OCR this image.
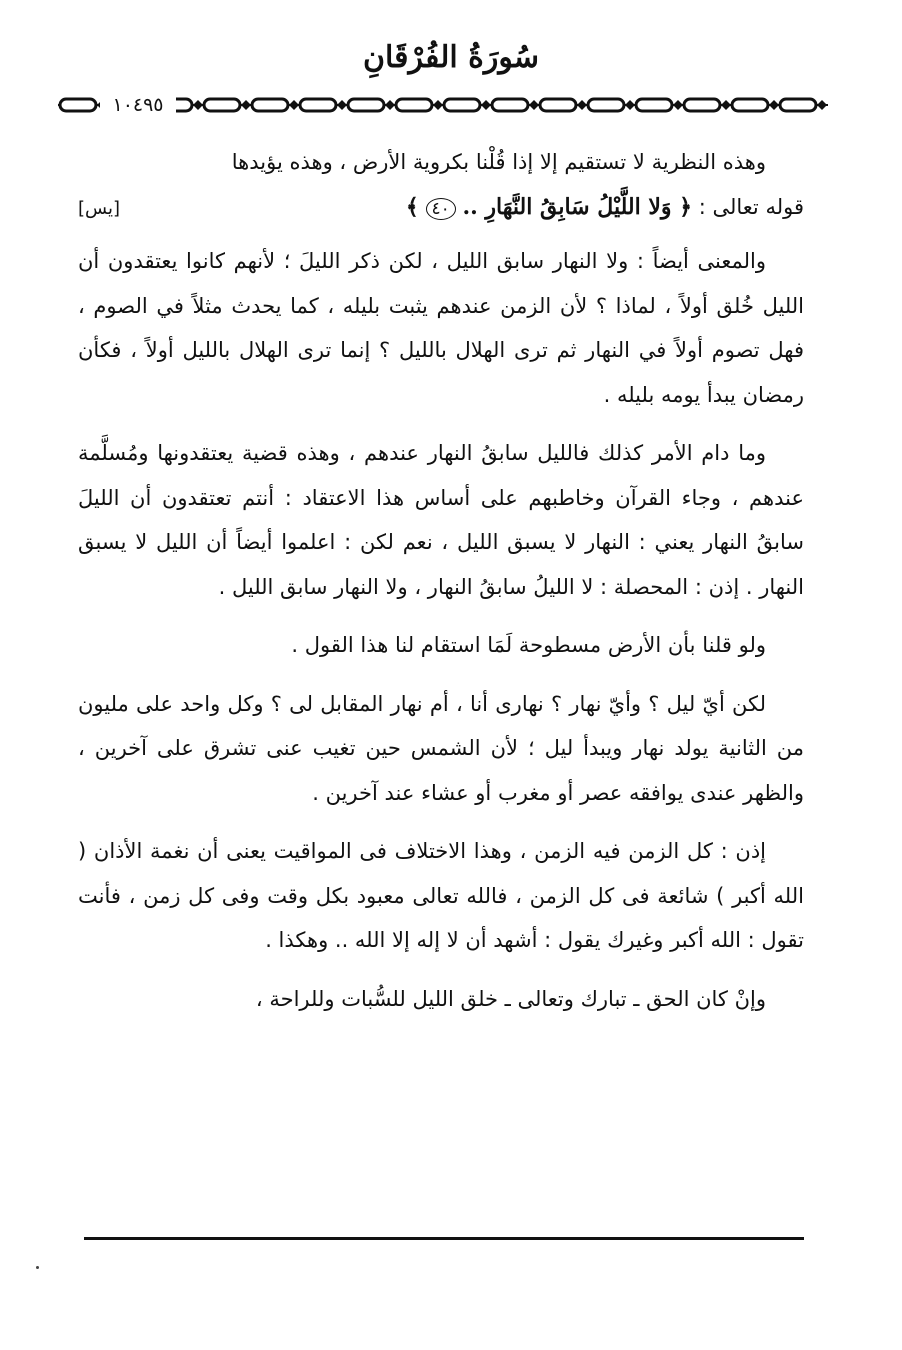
سُورَةُ الفُرْقَانِ
١٠٤٩٥
وهذه النظرية لا تستقيم إلا إذا قُلْنا بكروية الأرض ، وهذه يؤيدها
قوله تعالى : ﴿ وَلا اللَّيْلُ سَابِقُ النَّهَارِ .. ٤٠ ﴾
[يس]

والمعنى أيضاً : ولا النهار سابق الليل ، لكن ذكر الليلَ ؛ لأنهم كانوا يعتقدون أن الليل خُلق أولاً ، لماذا ؟ لأن الزمن عندهم يثبت بليله ، كما يحدث مثلاً في الصوم ، فهل تصوم أولاً في النهار ثم ترى الهلال بالليل ؟ إنما ترى الهلال بالليل أولاً ، فكأن رمضان يبدأ يومه بليله .

وما دام الأمر كذلك فالليل سابقُ النهار عندهم ، وهذه قضية يعتقدونها ومُسلَّمة عندهم ، وجاء القرآن وخاطبهم على أساس هذا الاعتقاد : أنتم تعتقدون أن الليلَ سابقُ النهار يعني : النهار لا يسبق الليل ، نعم لكن : اعلموا أيضاً أن الليل لا يسبق النهار . إذن : المحصلة : لا الليلُ سابقُ النهار ، ولا النهار سابق الليل .

ولو قلنا بأن الأرض مسطوحة لَمَا استقام لنا هذا القول .

لكن أيّ ليل ؟ وأيّ نهار ؟ نهارى أنا ، أم نهار المقابل لى ؟ وكل واحد على مليون من الثانية يولد نهار ويبدأ ليل ؛ لأن الشمس حين تغيب عنى تشرق على آخرين ، والظهر عندى يوافقه عصر أو مغرب أو عشاء عند آخرين .

إذن : كل الزمن فيه الزمن ، وهذا الاختلاف فى المواقيت يعنى أن نغمة الأذان ( الله أكبر ) شائعة فى كل الزمن ، فالله تعالى معبود بكل وقت وفى كل زمن ، فأنت تقول : الله أكبر وغيرك يقول : أشهد أن لا إله إلا الله .. وهكذا .

وإنْ كان الحق ـ تبارك وتعالى ـ خلق الليل للسُّبات وللراحة ،
